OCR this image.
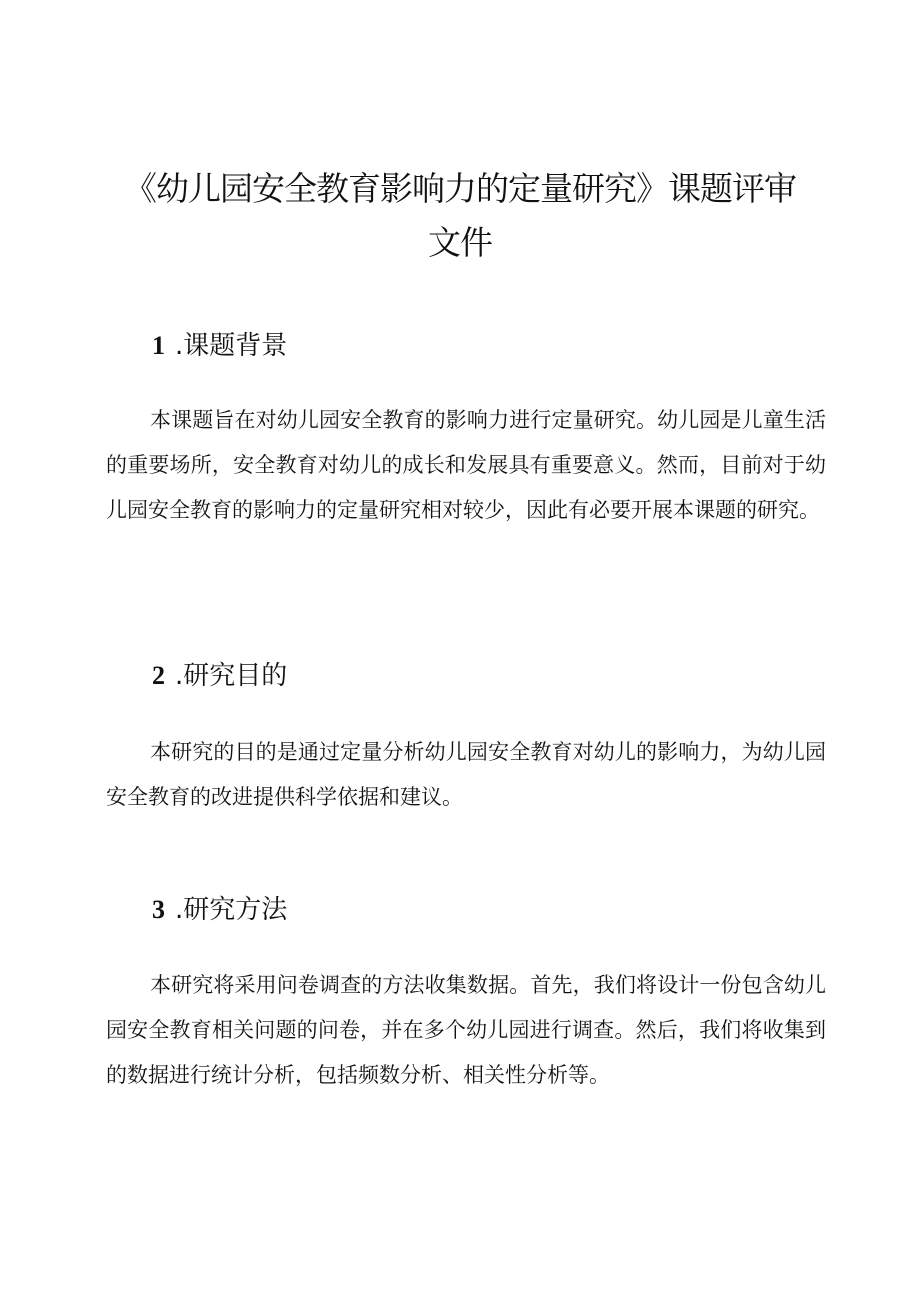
《幼儿园安全教育影响力的定量研究》课题评审文件
1 .课题背景

本课题旨在对幼儿园安全教育的影响力进行定量研究。幼儿园是儿童生活的重要场所，安全教育对幼儿的成长和发展具有重要意义。然而，目前对于幼儿园安全教育的影响力的定量研究相对较少，因此有必要开展本课题的研究。

2 .研究目的

本研究的目的是通过定量分析幼儿园安全教育对幼儿的影响力，为幼儿园安全教育的改进提供科学依据和建议。

3 .研究方法

本研究将采用问卷调查的方法收集数据。首先，我们将设计一份包含幼儿园安全教育相关问题的问卷，并在多个幼儿园进行调查。然后，我们将收集到的数据进行统计分析，包括频数分析、相关性分析等。
